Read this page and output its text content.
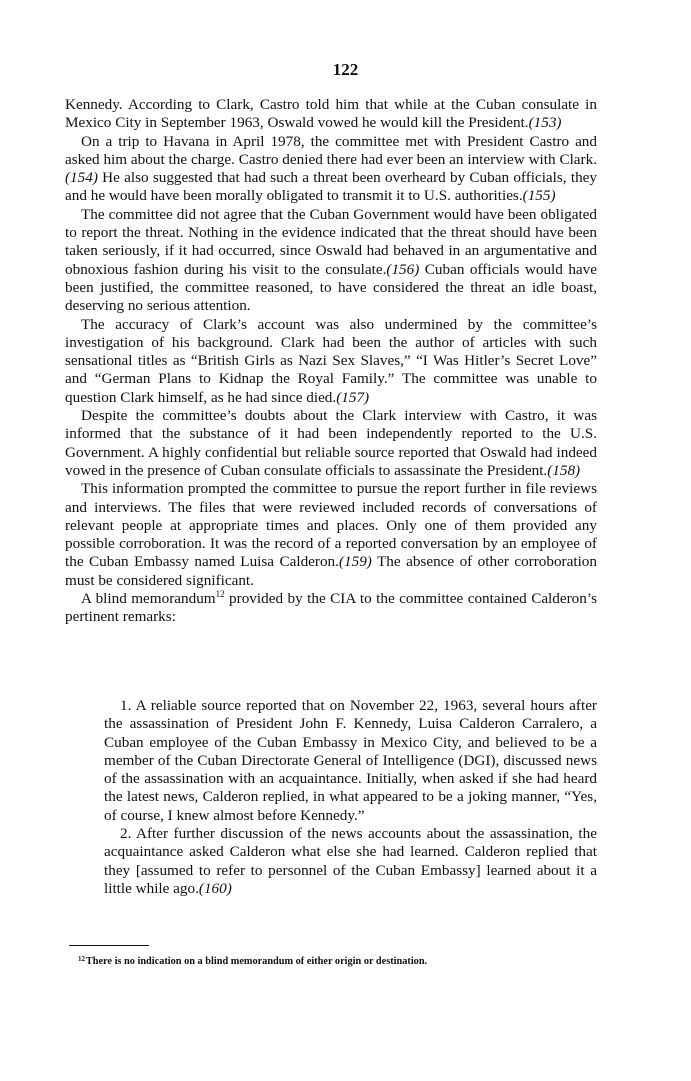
122

Kennedy. According to Clark, Castro told him that while at the Cuban consulate in Mexico City in September 1963, Oswald vowed he would kill the President.(153)

On a trip to Havana in April 1978, the committee met with President Castro and asked him about the charge. Castro denied there had ever been an interview with Clark.(154) He also suggested that had such a threat been overheard by Cuban officials, they and he would have been morally obligated to transmit it to U.S. authorities.(155)

The committee did not agree that the Cuban Government would have been obligated to report the threat. Nothing in the evidence indicated that the threat should have been taken seriously, if it had occurred, since Oswald had behaved in an argumentative and obnoxious fashion during his visit to the consulate.(156) Cuban officials would have been justified, the committee reasoned, to have considered the threat an idle boast, deserving no serious attention.

The accuracy of Clark’s account was also undermined by the committee’s investigation of his background. Clark had been the author of articles with such sensational titles as “British Girls as Nazi Sex Slaves,” “I Was Hitler’s Secret Love” and “German Plans to Kidnap the Royal Family.” The committee was unable to question Clark himself, as he had since died.(157)

Despite the committee’s doubts about the Clark interview with Castro, it was informed that the substance of it had been independently reported to the U.S. Government. A highly confidential but reliable source reported that Oswald had indeed vowed in the presence of Cuban consulate officials to assassinate the President.(158)

This information prompted the committee to pursue the report further in file reviews and interviews. The files that were reviewed included records of conversations of relevant people at appropriate times and places. Only one of them provided any possible corroboration. It was the record of a reported conversation by an employee of the Cuban Embassy named Luisa Calderon.(159) The absence of other corroboration must be considered significant.

A blind memorandum$^{12}$ provided by the CIA to the committee contained Calderon’s pertinent remarks:

1. A reliable source reported that on November 22, 1963, several hours after the assassination of President John F. Kennedy, Luisa Calderon Carralero, a Cuban employee of the Cuban Embassy in Mexico City, and believed to be a member of the Cuban Directorate General of Intelligence (DGI), discussed news of the assassination with an acquaintance. Initially, when asked if she had heard the latest news, Calderon replied, in what appeared to be a joking manner, “Yes, of course, I knew almost before Kennedy.”

2. After further discussion of the news accounts about the assassination, the acquaintance asked Calderon what else she had learned. Calderon replied that they [assumed to refer to personnel of the Cuban Embassy] learned about it a little while ago.(160)

$^{12}$ There is no indication on a blind memorandum of either origin or destination.
